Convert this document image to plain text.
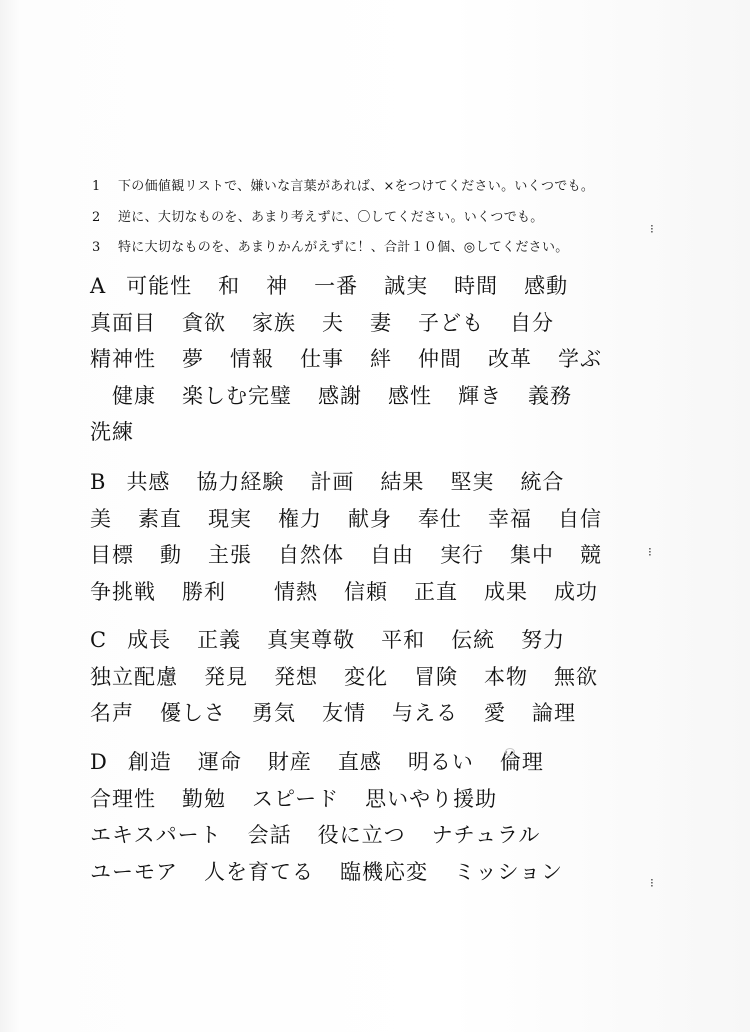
1 下の価値観リストで、嫌いな言葉があれば、×をつけてください。いくつでも。
2 逆に、大切なものを、あまり考えずに、〇してください。いくつでも。
3 特に大切なものを、あまりかんがえずに！、合計１０個、◎してください。
A 可能性 和 神 一番 誠実 時間 感動
真面目 貪欲 家族 夫 妻 子ども 自分
精神性 夢 情報 仕事 絆 仲間 改革 学ぶ
　健康 楽しむ完璧 感謝 感性 輝き 義務
洗練
B 共感 協力経験 計画 結果 堅実 統合
美 素直 現実 権力 献身 奉仕 幸福 自信
目標 動 主張 自然体 自由 実行 集中 競
争挑戦 勝利　情熱 信頼 正直 成果 成功
C 成長 正義 真実尊敬 平和 伝統 努力
独立配慮 発見 発想 変化 冒険 本物 無欲
名声 優しさ 勇気 友情 与える 愛 論理
D 創造 運命 財産 直感 明るい 倫理
合理性 勤勉 スピード 思いやり援助
エキスパート 会話 役に立つ ナチュラル
ユーモア 人を育てる 臨機応変 ミッション
⁝
⁝
⁝
